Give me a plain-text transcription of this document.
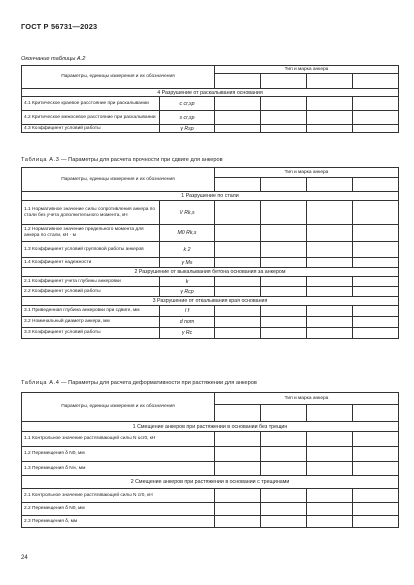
ГОСТ Р 56731—2023
Окончание таблицы А.2
Параметры, единицы измерения и их обозначения		Тип и марка анкера			

4 Разрушение от раскалывания основания					
4.1 Критическое краевое расстояние при раскалывании	c cr,sp				
4.2 Критическое межосевое расстояние при раскалывании	s cr,sp				
4.3 Коэффициент условий работы	γ Rsp				
Таблица А.3 — Параметры для расчета прочности при сдвиге для анкеров
Параметры, единицы измерения и их обозначения		Тип и марка анкера			

1 Разрушение по стали					
1.1 Нормативное значение силы сопротивления анкера по стали без учета дополнительного момента, кН	V Rk,s				
1.2 Нормативное значение предельного момента для анкера по стали, кН · м	M0 Rk,s				
1.3 Коэффициент условий групповой работы анкеров	k 2				
1.4 Коэффициент надежности	γ Ms				
2 Разрушение от выкалывания бетона основания за анкером					
2.1 Коэффициент учета глубины анкеровки	k				
2.2 Коэффициент условий работы	γ Rcp				
3 Разрушение от откалывания края основания					
3.1 Приведенная глубина анкеровки при сдвиге, мм	l f				
3.2 Номинальный диаметр анкера, мм	d nom				
3.3 Коэффициент условий работы	γ Rc				
Таблица А.4 — Параметры для расчета деформативности при растяжении для анкеров
Параметры, единицы измерения и их обозначения	Тип и марка анкера			

1 Смещение анкеров при растяжении в основании без трещин				
1.1 Контрольное значение растягивающей силы N ucr0, кН				
1.2 Перемещения δ N0, мм				
1.3 Перемещения δ N∞, мм				
2 Смещение анкеров при растяжении в основании с трещинами				
2.1 Контрольное значение растягивающей силы N cr0, кН				
2.2 Перемещения δ N0, мм				
2.3 Перемещения δ, мм				
24
